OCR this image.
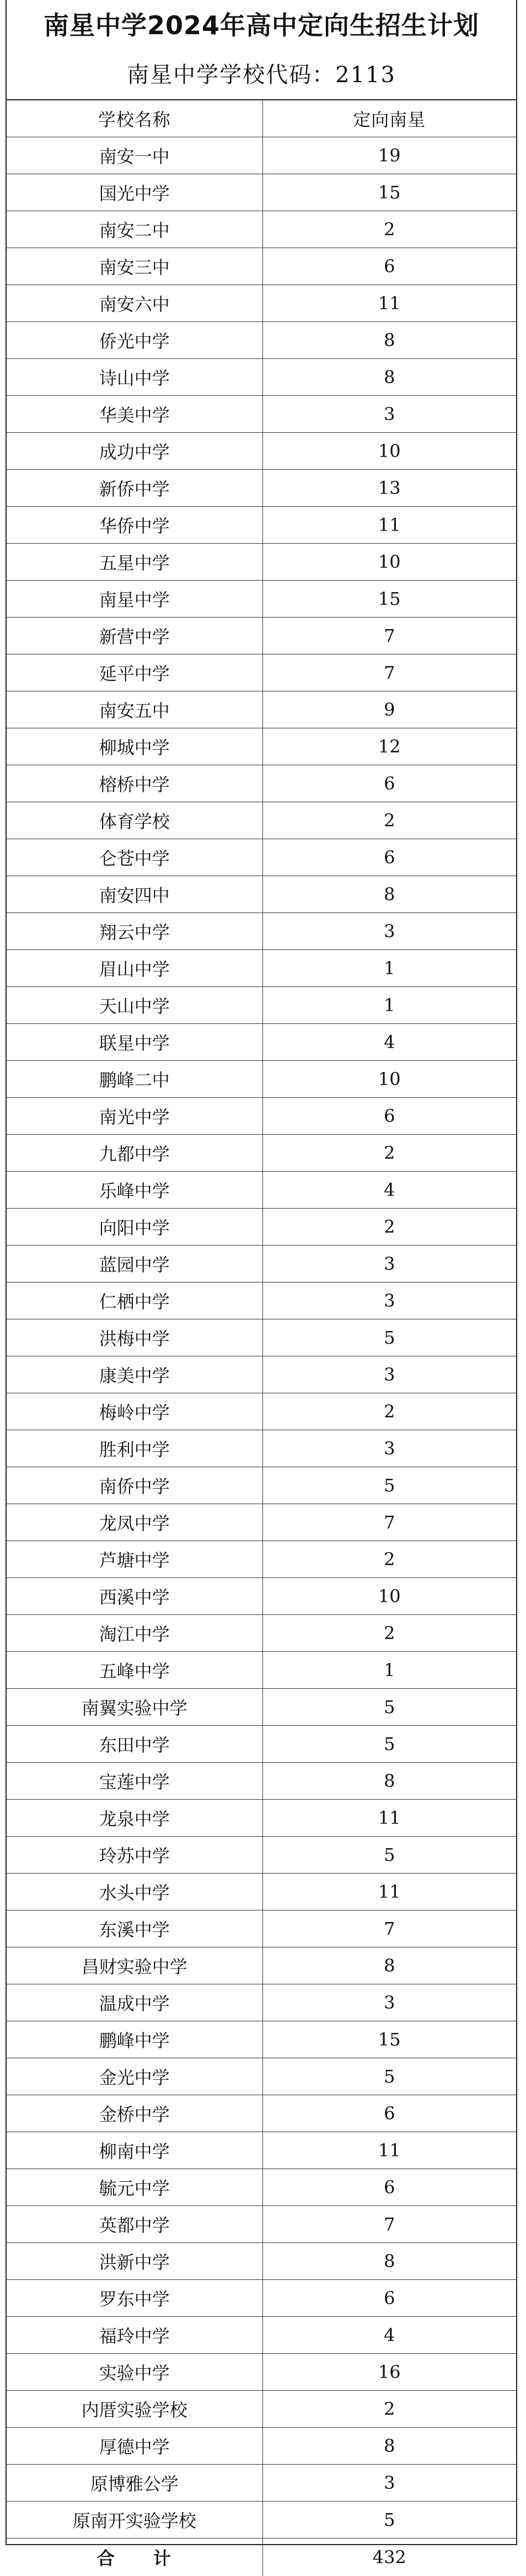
南星中学2024年高中定向生招生计划
南星中学学校代码：2113
学校名称	定向南星
南安一中	19
国光中学	15
南安二中	2
南安三中	6
南安六中	11
侨光中学	8
诗山中学	8
华美中学	3
成功中学	10
新侨中学	13
华侨中学	11
五星中学	10
南星中学	15
新营中学	7
延平中学	7
南安五中	9
柳城中学	12
榕桥中学	6
体育学校	2
仑苍中学	6
南安四中	8
翔云中学	3
眉山中学	1
天山中学	1
联星中学	4
鹏峰二中	10
南光中学	6
九都中学	2
乐峰中学	4
向阳中学	2
蓝园中学	3
仁栖中学	3
洪梅中学	5
康美中学	3
梅岭中学	2
胜利中学	3
南侨中学	5
龙凤中学	7
芦塘中学	2
西溪中学	10
淘江中学	2
五峰中学	1
南翼实验中学	5
东田中学	5
宝莲中学	8
龙泉中学	11
玲苏中学	5
水头中学	11
东溪中学	7
昌财实验中学	8
温成中学	3
鹏峰中学	15
金光中学	5
金桥中学	6
柳南中学	11
毓元中学	6
英都中学	7
洪新中学	8
罗东中学	6
福玲中学	4
实验中学	16
内厝实验学校	2
厚德中学	8
原博雅公学	3
原南开实验学校	5
合　　计	432
